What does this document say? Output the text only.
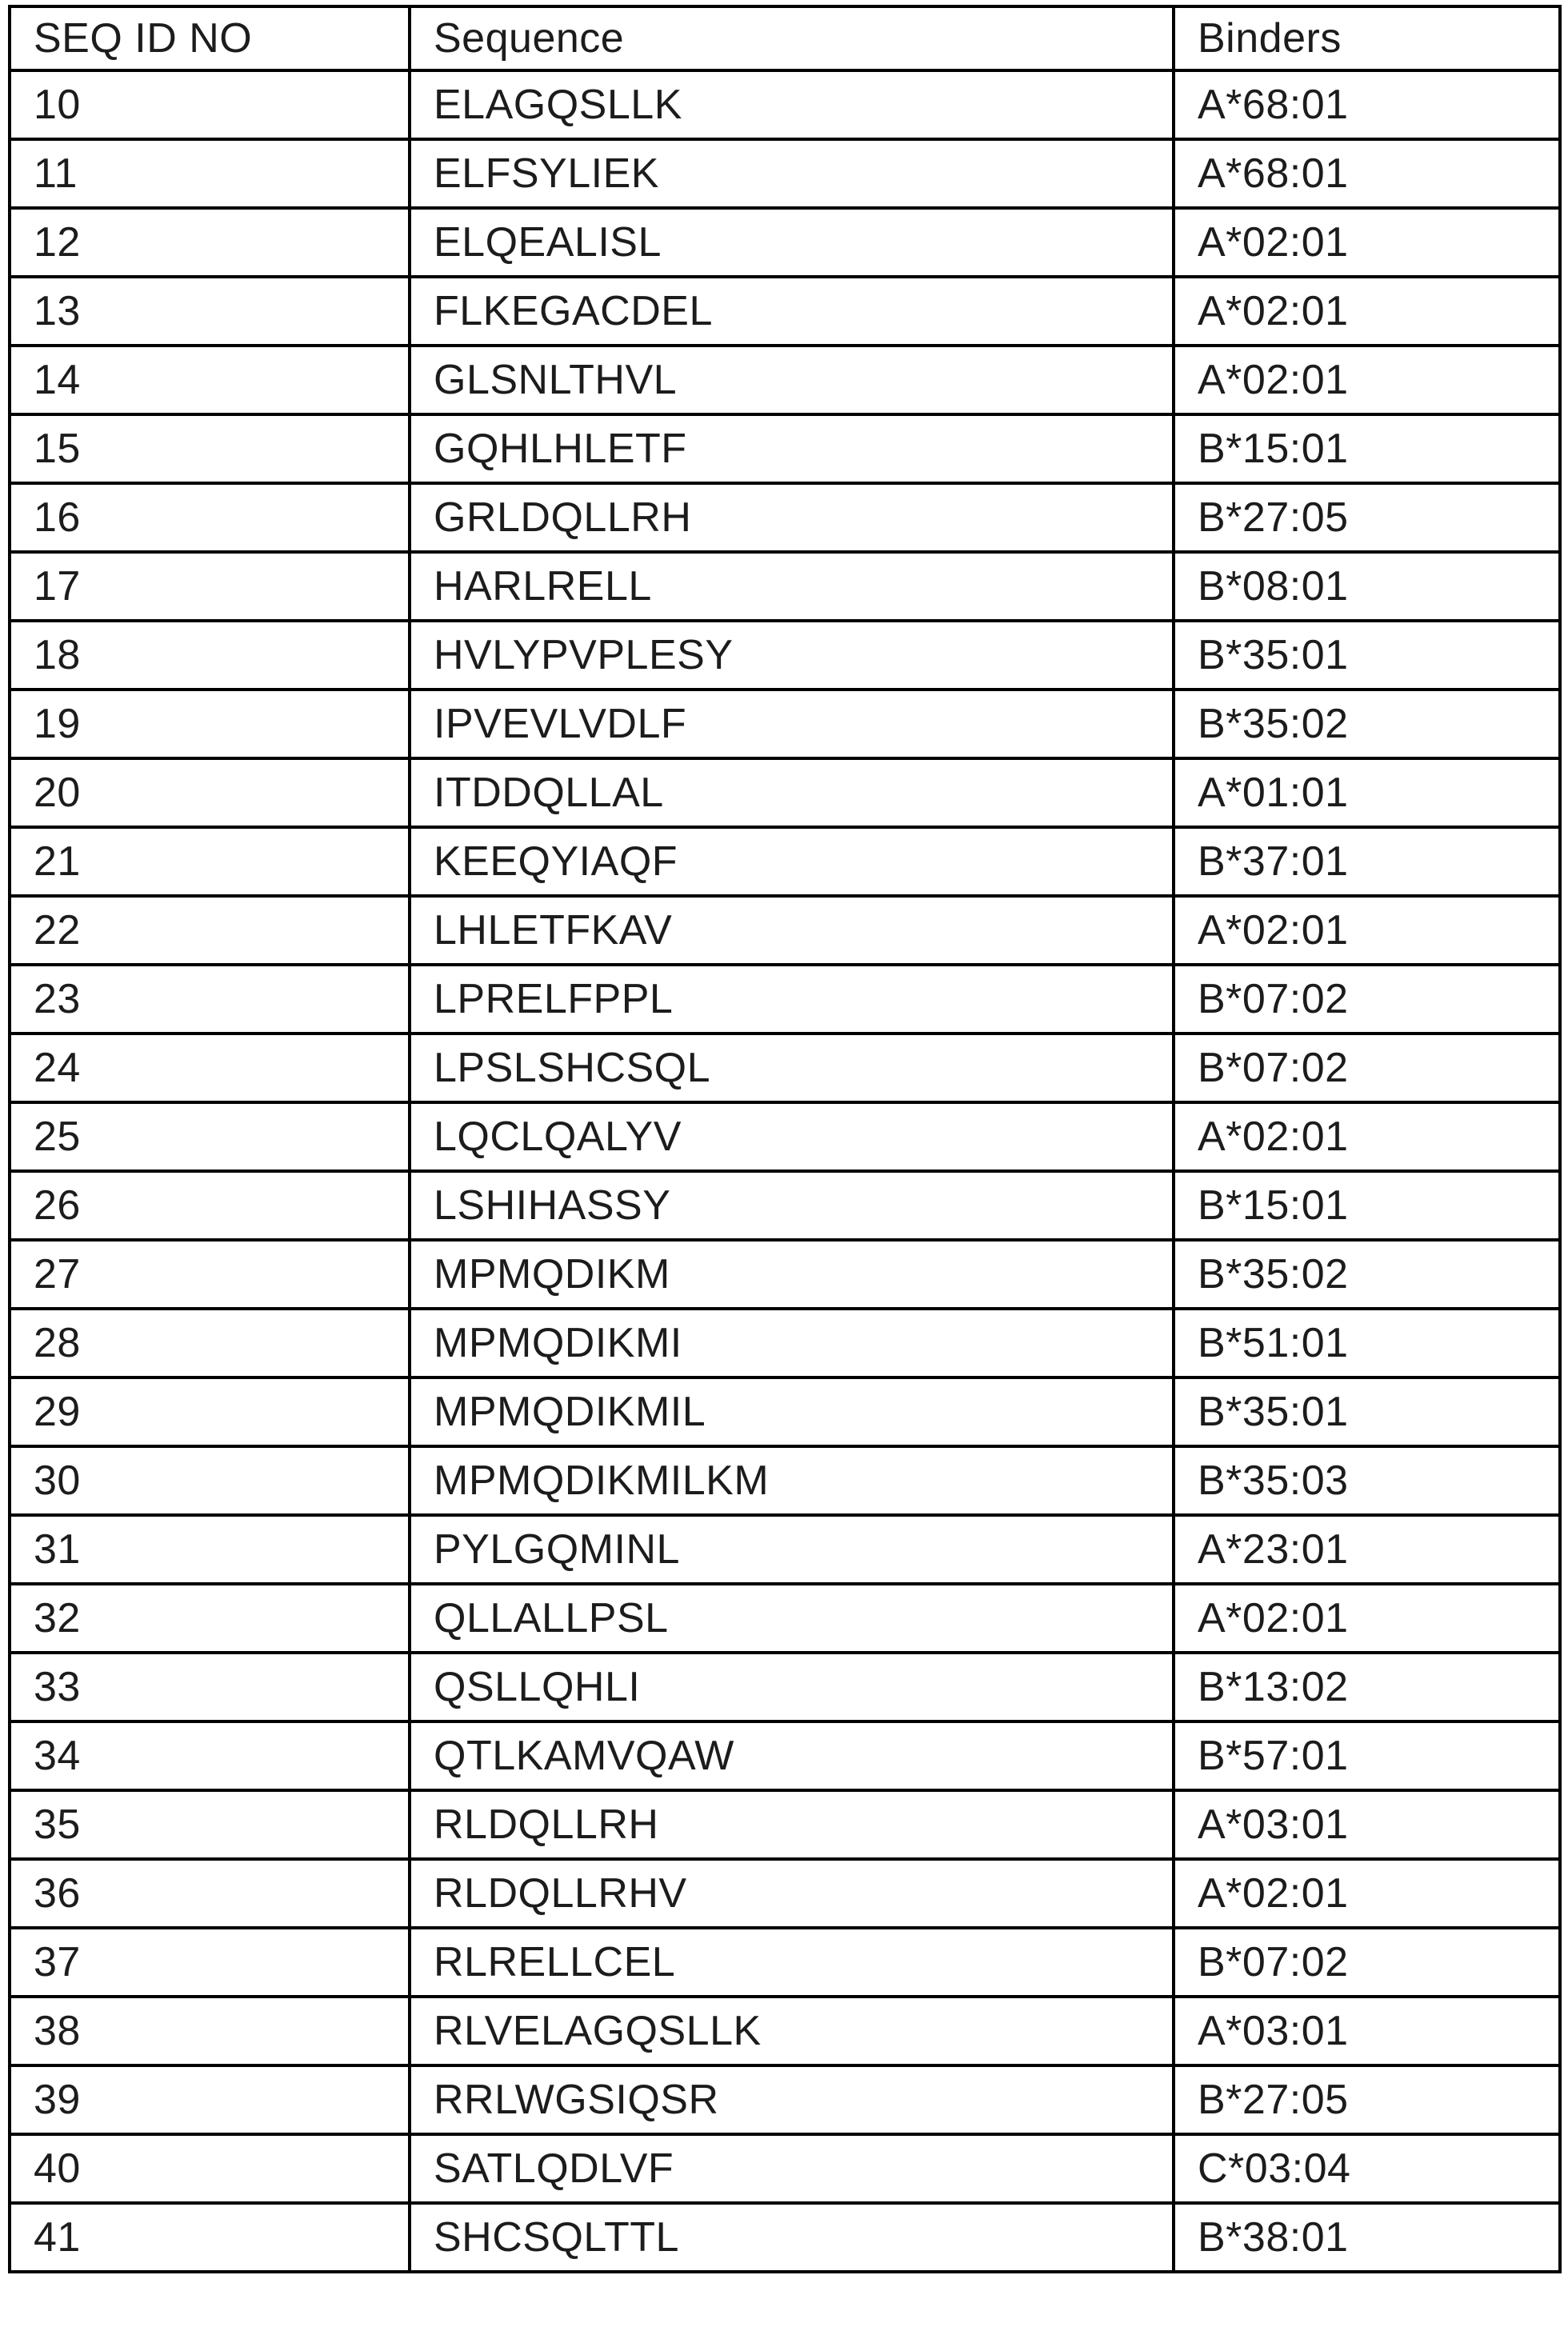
SEQ ID NO	Sequence	Binders
10	ELAGQSLLK	A*68:01
11	ELFSYLIEK	A*68:01
12	ELQEALISL	A*02:01
13	FLKEGACDEL	A*02:01
14	GLSNLTHVL	A*02:01
15	GQHLHLETF	B*15:01
16	GRLDQLLRH	B*27:05
17	HARLRELL	B*08:01
18	HVLYPVPLESY	B*35:01
19	IPVEVLVDLF	B*35:02
20	ITDDQLLAL	A*01:01
21	KEEQYIAQF	B*37:01
22	LHLETFKAV	A*02:01
23	LPRELFPPL	B*07:02
24	LPSLSHCSQL	B*07:02
25	LQCLQALYV	A*02:01
26	LSHIHASSY	B*15:01
27	MPMQDIKM	B*35:02
28	MPMQDIKMI	B*51:01
29	MPMQDIKMIL	B*35:01
30	MPMQDIKMILKM	B*35:03
31	PYLGQMINL	A*23:01
32	QLLALLPSL	A*02:01
33	QSLLQHLI	B*13:02
34	QTLKAMVQAW	B*57:01
35	RLDQLLRH	A*03:01
36	RLDQLLRHV	A*02:01
37	RLRELLCEL	B*07:02
38	RLVELAGQSLLK	A*03:01
39	RRLWGSIQSR	B*27:05
40	SATLQDLVF	C*03:04
41	SHCSQLTTL	B*38:01
